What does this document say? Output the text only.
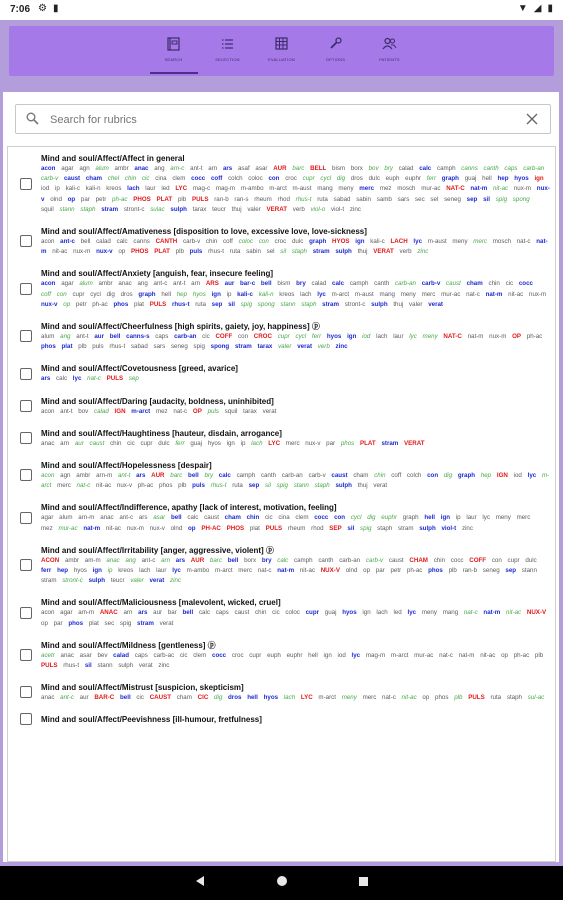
7:06 ⚙ ▮	▼ ◢ ▮
SEARCH	SELECTION	EVALUATION	OPTIONS	PATIENTS
Search for rubrics
Mind and soul/Affect/Affect in general
acon agar agn alum ambr anac ang arn-c ant-t arn ars asaf asar AUR barc BELL bism borx bov bry calad calc camph canns canth caps carb-an carb-v caust cham chel chin cic cina clem cocc coff colch coloc con croc cupr cycl dig dros dulc euph euphr ferr graph guaj hell hep hyos ign iod ip kali-c kali-n kreos lach laur led LYC mag-c mag-m m-ambo m-arct m-aust mang meny merc mez mosch mur-ac NAT-C nat-m nit-ac nux-m nux-v olnd op par petr ph-ac PHOS PLAT plb PULS ran-b ran-s rheum rhod rhus-t ruta sabad sabin samb sars sec sel seneg sep sil spig spong squil stann staph stram stront-c sulac sulph tarax teucr thuj valer VERAT verb viol-o viol-t zinc
Mind and soul/Affect/Amativeness [disposition to love, excessive love, love-sickness]
acon ant-c bell calad calc canns CANTH carb-v chin coff coloc con croc dulc graph HYOS ign kali-c LACH lyc m-aust meny merc mosch nat-c nat-m nit-ac nux-m nux-v op PHOS PLAT plb puls rhus-t ruta sabin sel sil staph stram sulph thuj VERAT verb zinc
Mind and soul/Affect/Anxiety [anguish, fear, insecure feeling]
acon agar alum ambr anac ang ant-c ant-t arn ARS aur bar-c bell bism bry calad calc camph canth carb-an carb-v caust cham chin cic cocc coff con cupr cycl dig dros graph hell hep hyos ign ip kali-c kali-n kreos lach lyc m-arct m-aust mang meny merc mur-ac nat-c nat-m nit-ac nux-m nux-v op petr ph-ac phos plat PULS rhus-t ruta sep sil spig spong stann staph stram stront-c sulph thuj valer verat
Mind and soul/Affect/Cheerfulness [high spirits, gaiety, joy, happiness] ⓟ
alum ang ant-t aur bell canns-s caps carb-an cic COFF con CROC cupr cycl ferr hyos ign iod lach laur lyc meny NAT-C nat-m nux-m OP ph-ac phos plat plb puls rhus-t sabad sars seneg spig spong stram tarax valer verat verb zinc
Mind and soul/Affect/Covetousness [greed, avarice]
ars calc lyc nat-c PULS sep
Mind and soul/Affect/Daring [audacity, boldness, uninhibited]
acon ant-t bov calad IGN m-arct mez nat-c OP puls squil tarax verat
Mind and soul/Affect/Haughtiness [hauteur, disdain, arrogance]
anac arn aur caust chin cic cupr dulc ferr guaj hyos ign ip lach LYC merc nux-v par phos PLAT stram VERAT
Mind and soul/Affect/Hopelessness [despair]
acon agn ambr arn-m ant-t ars AUR barc bell bry calc camph canth carb-an carb-v caust cham chin coff colch con dig graph hep IGN iod lyc m-arct merc nat-c nit-ac nux-v ph-ac phos plb puls rhus-t ruta sep sil spig stann staph sulph thuj verat
Mind and soul/Affect/Indifference, apathy [lack of interest, motivation, feeling]
agar alum arn-m anac ant-c ars asar bell calc caust cham chin cic cina clem cocc con cycl dig euphr graph hell ign ip laur lyc meny merc mez mur-ac nat-m nit-ac nux-m nux-v olnd op PH-AC PHOS plat PULS rheum rhod SEP sil spig staph stram sulph viol-t zinc
Mind and soul/Affect/Irritability [anger, aggressive, violent] ⓟ
ACON ambr am-m anac ang ant-c arn ars AUR barc bell borx bry calc camph canth carb-an carb-v caust CHAM chin cocc COFF con cupr dulc ferr hep hyos ign ip kreos lach laur lyc m-ambo m-arct merc nat-c nat-m nit-ac NUX-V olnd op par petr ph-ac phos plb ran-b seneg sep stann stram stront-c sulph teucr valer verat zinc
Mind and soul/Affect/Maliciousness [malevolent, wicked, cruel]
acon agar am-m ANAC arn ars aur bar bell calc caps caust chin cic coloc cupr guaj hyos ign lach led lyc meny mang nat-c nat-m nit-ac NUX-V op par phos plat sec spig stram verat
Mind and soul/Affect/Mildness [gentleness] ⓟ
acetr anac asar bev calad caps carb-ac cic clem cocc croc cupr euph euphr hell ign iod lyc mag-m m-arct mur-ac nat-c nat-m nit-ac op ph-ac plb PULS rhus-t sil stann sulph verat zinc
Mind and soul/Affect/Mistrust [suspicion, skepticism]
anac ant-c aur BAR-C bell cic CAUST cham CIC dig dros hell hyos lach LYC m-arct meny merc nat-c nit-ac op phos plb PULS ruta staph sul-ac
Mind and soul/Affect/Peevishness [ill-humour, fretfulness]
